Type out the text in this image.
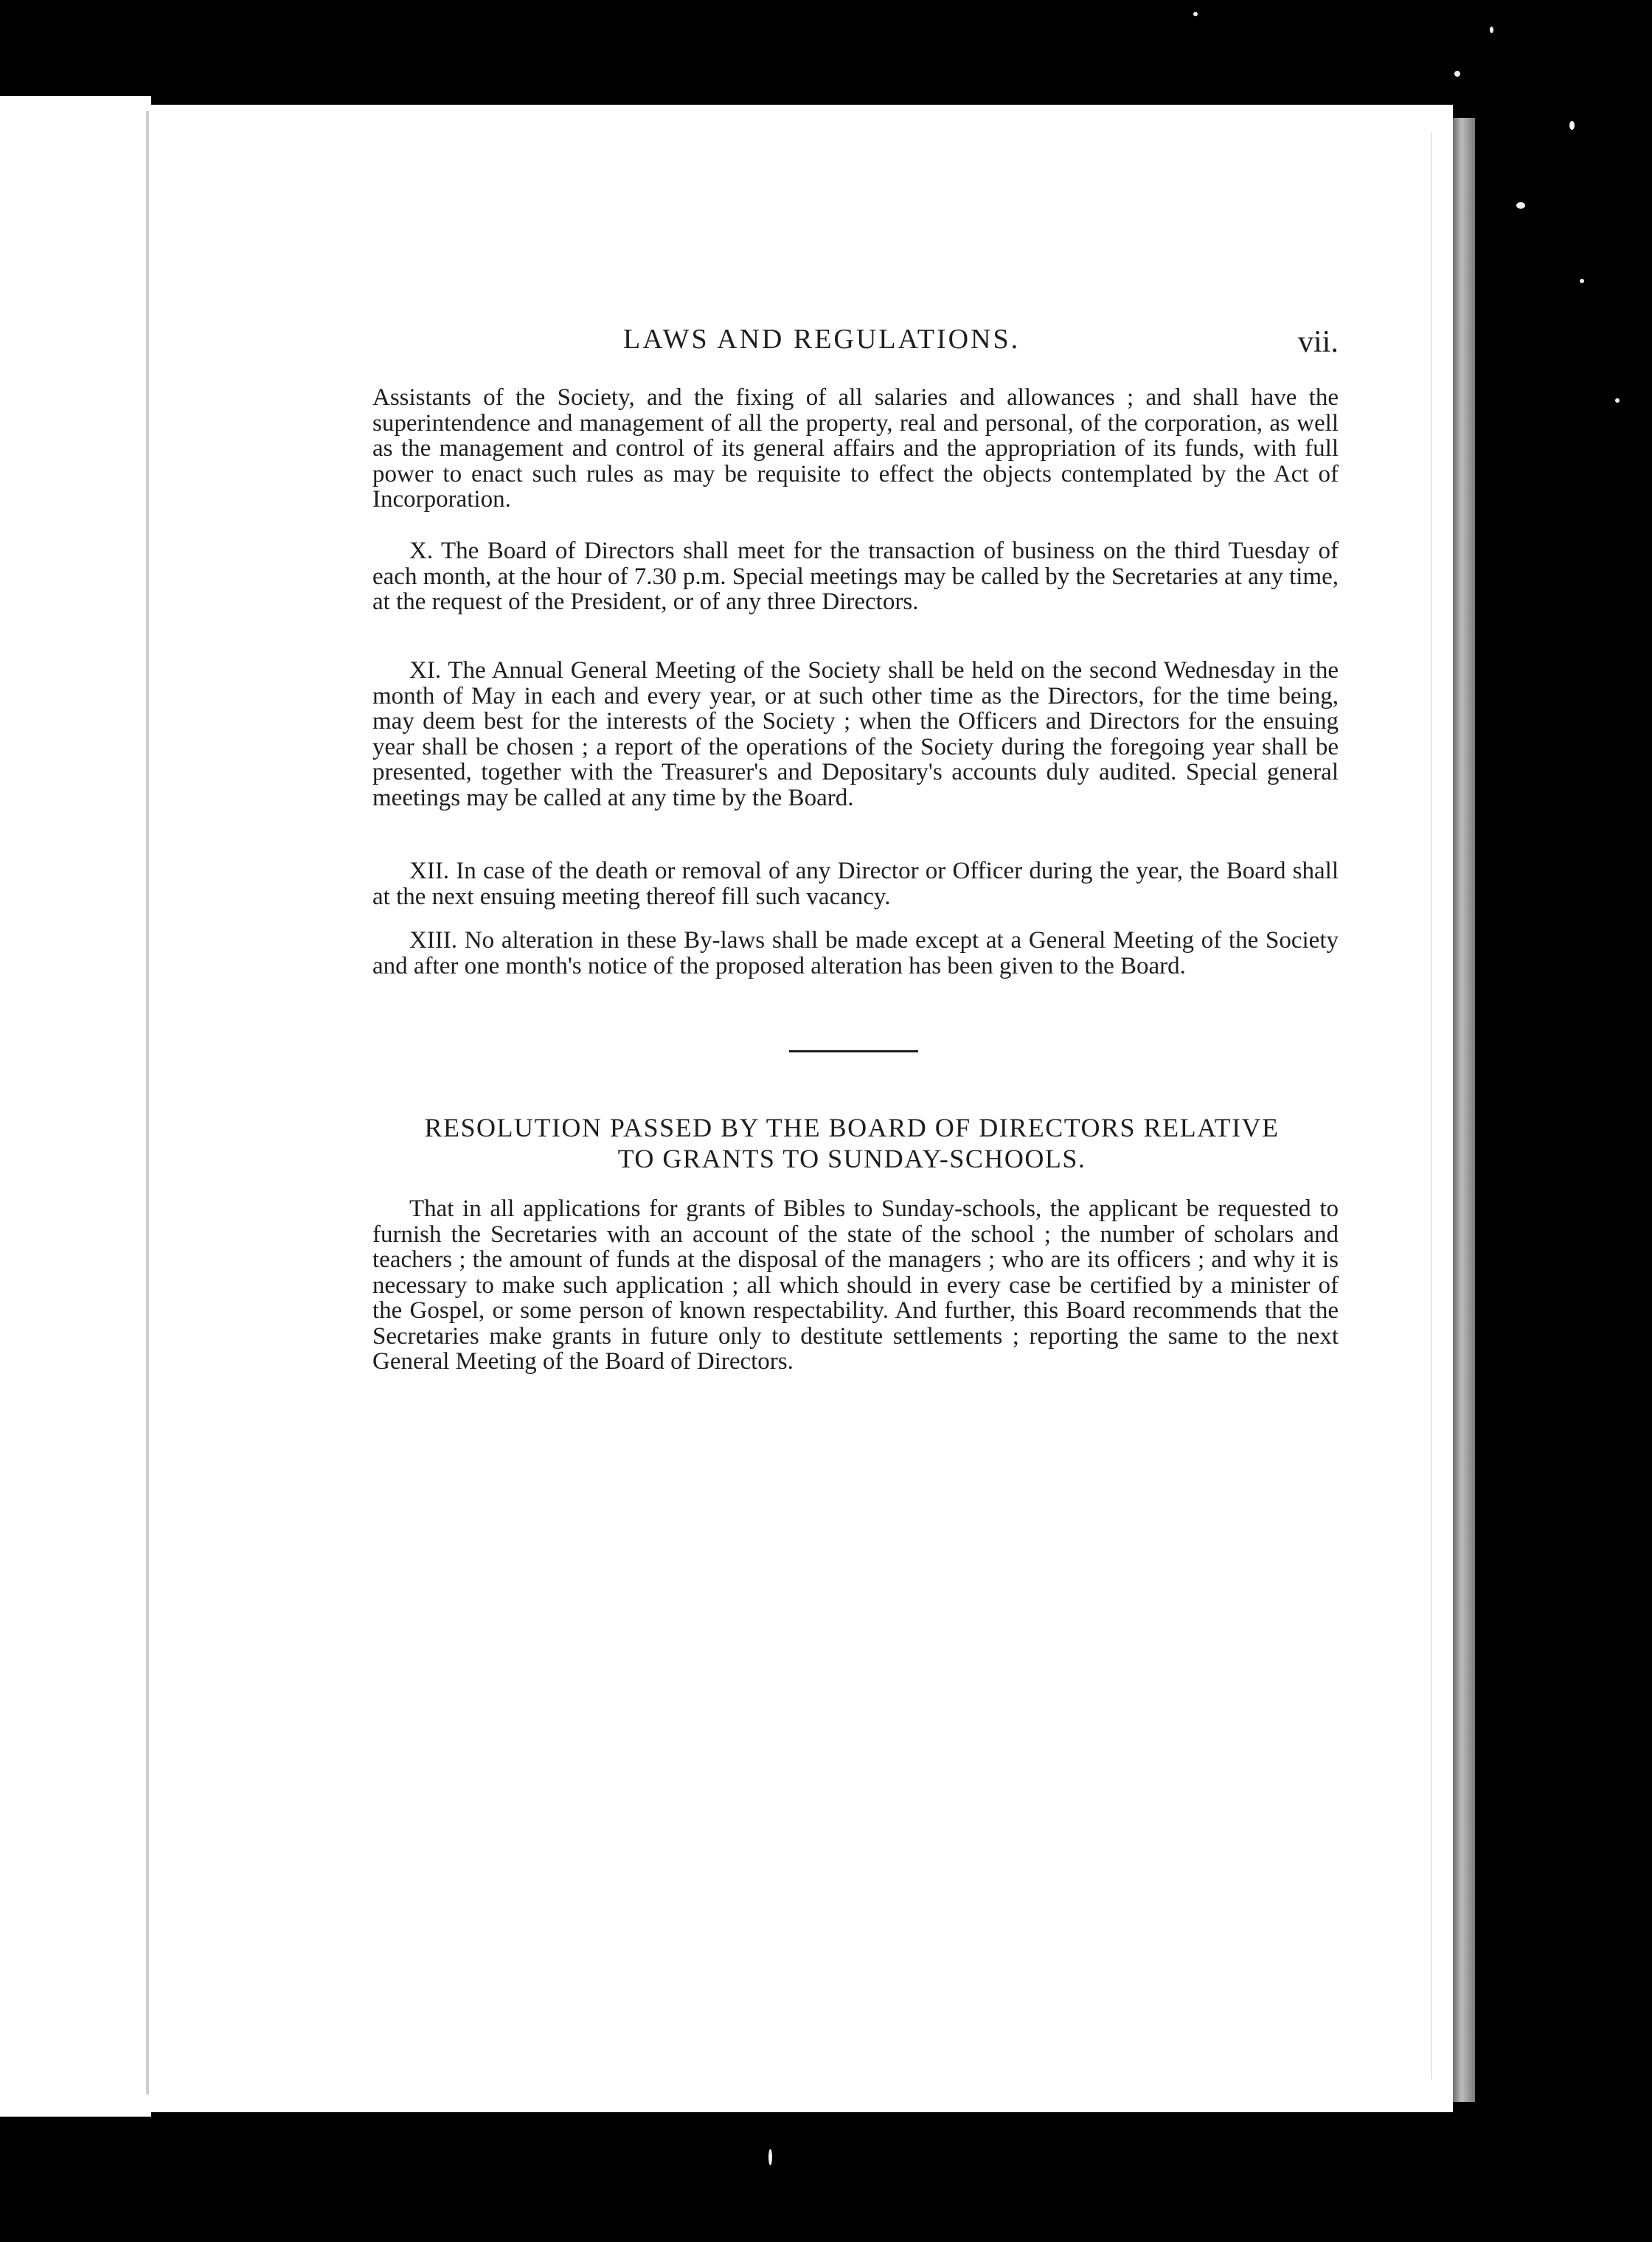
LAWS AND REGULATIONS.	vii.

Assistants of the Society, and the fixing of all salaries and allowances ; and shall have the superintendence and management of all the property, real and personal, of the corporation, as well as the management and control of its general affairs and the appropriation of its funds, with full power to enact such rules as may be requisite to effect the objects contemplated by the Act of Incorporation.

X. The Board of Directors shall meet for the transaction of business on the third Tuesday of each month, at the hour of 7.30 p.m. Special meetings may be called by the Secretaries at any time, at the request of the President, or of any three Directors.

XI. The Annual General Meeting of the Society shall be held on the second Wednesday in the month of May in each and every year, or at such other time as the Directors, for the time being, may deem best for the interests of the Society ; when the Officers and Directors for the ensuing year shall be chosen ; a report of the operations of the Society during the foregoing year shall be presented, together with the Treasurer's and Depositary's accounts duly audited. Special general meetings may be called at any time by the Board.

XII. In case of the death or removal of any Director or Officer during the year, the Board shall at the next ensuing meeting thereof fill such vacancy.

XIII. No alteration in these By-laws shall be made except at a General Meeting of the Society and after one month's notice of the proposed alteration has been given to the Board.

RESOLUTION PASSED BY THE BOARD OF DIRECTORS RELATIVE
TO GRANTS TO SUNDAY-SCHOOLS.

That in all applications for grants of Bibles to Sunday-schools, the applicant be requested to furnish the Secretaries with an account of the state of the school ; the number of scholars and teachers ; the amount of funds at the disposal of the managers ; who are its officers ; and why it is necessary to make such application ; all which should in every case be certified by a minister of the Gospel, or some person of known respectability. And further, this Board recommends that the Secretaries make grants in future only to destitute settlements ; reporting the same to the next General Meeting of the Board of Directors.
